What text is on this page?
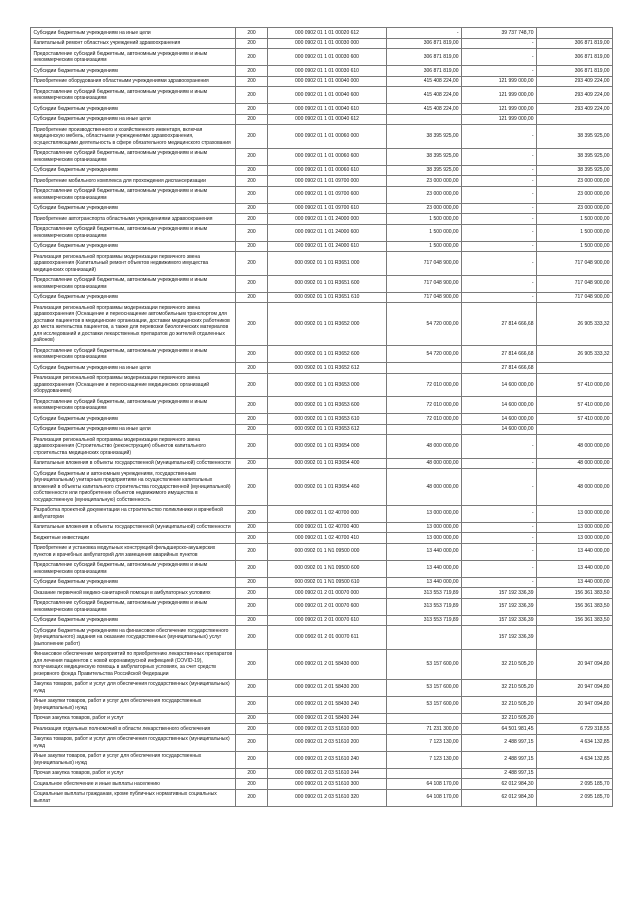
Субсидии бюджетным учреждениям на иные цели	200	000 0902 01 1 01 00020 612	-	39 737 748,70	
Капитальный ремонт областных учреждений здравоохранения	200	000 0902 01 1 01 00030 000	306 871 819,00	-	306 871 819,00
Предоставление субсидий бюджетным, автономным учреждениям и иным некоммерческим организациям	200	000 0902 01 1 01 00030 600	306 871 819,00	-	306 871 819,00
Субсидии бюджетным учреждениям	200	000 0902 01 1 01 00030 610	306 871 819,00	-	306 871 819,00
Приобретение оборудования областными учреждениями здравоохранения	200	000 0902 01 1 01 00040 000	415 408 224,00	121 999 000,00	293 409 224,00
Предоставление субсидий бюджетным, автономным учреждениям и иным некоммерческим организациям	200	000 0902 01 1 01 00040 600	415 408 224,00	121 999 000,00	293 409 224,00
Субсидии бюджетным учреждениям	200	000 0902 01 1 01 00040 610	415 408 224,00	121 999 000,00	293 409 224,00
Субсидии бюджетным учреждениям на иные цели	200	000 0902 01 1 01 00040 612		121 999 000,00	
Приобретение производственного и хозяйственного инвентаря, включая медицинскую мебель, областными учреждениями здравоохранения, осуществляющими деятельность в сфере обязательного медицинского страхования	200	000 0902 01 1 01 00060 000	38 395 925,00	-	38 395 925,00
Предоставление субсидий бюджетным, автономным учреждениям и иным некоммерческим организациям	200	000 0902 01 1 01 00060 600	38 395 925,00	-	38 395 925,00
Субсидии бюджетным учреждениям	200	000 0902 01 1 01 00060 610	38 395 925,00	-	38 395 925,00
Приобретение мобильного комплекса для прохождения диспансеризации	200	000 0902 01 1 01 09700 000	23 000 000,00	-	23 000 000,00
Предоставление субсидий бюджетным, автономным учреждениям и иным некоммерческим организациям	200	000 0902 01 1 01 09700 600	23 000 000,00	-	23 000 000,00
Субсидии бюджетным учреждениям	200	000 0902 01 1 01 09700 610	23 000 000,00	-	23 000 000,00
Приобретение автотранспорта областными учреждениями здравоохранения	200	000 0902 01 1 01 24000 000	1 500 000,00	-	1 500 000,00
Предоставление субсидий бюджетным, автономным учреждениям и иным некоммерческим организациям	200	000 0902 01 1 01 24000 600	1 500 000,00	-	1 500 000,00
Субсидии бюджетным учреждениям	200	000 0902 01 1 01 24000 610	1 500 000,00	-	1 500 000,00
Реализация региональной программы модернизации первичного звена здравоохранения (Капитальный ремонт объектов недвижимого имущества медицинских организаций)	200	000 0902 01 1 01 R3651 000	717 048 900,00	-	717 048 900,00
Предоставление субсидий бюджетным, автономным учреждениям и иным некоммерческим организациям	200	000 0902 01 1 01 R3651 600	717 048 900,00	-	717 048 900,00
Субсидии бюджетным учреждениям	200	000 0902 01 1 01 R3651 610	717 048 900,00	-	717 048 900,00
Реализация региональной программы модернизации первичного звена здравоохранения (Оснащение и переоснащение автомобильным транспортом для доставки пациентов в медицинские организации, доставки медицинских работников до места жительства пациентов, а также для перевозки биологических материалов для исследований и доставки лекарственных препаратов до жителей отдаленных районов)	200	000 0902 01 1 01 R3652 000	54 720 000,00	27 814 666,68	26 905 333,32
Предоставление субсидий бюджетным, автономным учреждениям и иным некоммерческим организациям	200	000 0902 01 1 01 R3652 600	54 720 000,00	27 814 666,68	26 905 333,32
Субсидии бюджетным учреждениям на иные цели	200	000 0902 01 1 01 R3652 612		27 814 666,68	
Реализация региональной программы модернизации первичного звена здравоохранения (Оснащение и переоснащение медицинских организаций оборудованием)	200	000 0902 01 1 01 R3653 000	72 010 000,00	14 600 000,00	57 410 000,00
Предоставление субсидий бюджетным, автономным учреждениям и иным некоммерческим организациям	200	000 0902 01 1 01 R3653 600	72 010 000,00	14 600 000,00	57 410 000,00
Субсидии бюджетным учреждениям	200	000 0902 01 1 01 R3653 610	72 010 000,00	14 600 000,00	57 410 000,00
Субсидии бюджетным учреждениям на иные цели	200	000 0902 01 1 01 R3653 612		14 600 000,00	
Реализация региональной программы модернизации первичного звена здравоохранения (Строительство (реконструкция) объектов капитального строительства медицинских организаций)	200	000 0902 01 1 01 R3654 000	48 000 000,00	-	48 000 000,00
Капитальные вложения в объекты государственной (муниципальной) собственности	200	000 0902 01 1 01 R3654 400	48 000 000,00	-	48 000 000,00
Субсидии бюджетным и автономным учреждениям, государственным (муниципальным) унитарным предприятиям на осуществление капитальных вложений в объекты капитального строительства государственной (муниципальной) собственности или приобретение объектов недвижимого имущества в государственную (муниципальную) собственность	200	000 0902 01 1 01 R3654 460	48 000 000,00	-	48 000 000,00
Разработка проектной документации на строительство поликлиники и врачебной амбулатории	200	000 0902 01 1 02 40700 000	13 000 000,00	-	13 000 000,00
Капитальные вложения в объекты государственной (муниципальной) собственности	200	000 0902 01 1 02 40700 400	13 000 000,00	-	13 000 000,00
Бюджетные инвестиции	200	000 0902 01 1 02 40700 410	13 000 000,00	-	13 000 000,00
Приобретение и установка модульных конструкций фельдшерско-акушерских пунктов и врачебных амбулаторий для замещения аварийных пунктов	200	000 0902 01 1 N1 09500 000	13 440 000,00	-	13 440 000,00
Предоставление субсидий бюджетным, автономным учреждениям и иным некоммерческим организациям	200	000 0902 01 1 N1 09500 600	13 440 000,00	-	13 440 000,00
Субсидии бюджетным учреждениям	200	000 0902 01 1 N1 09500 610	13 440 000,00	-	13 440 000,00
Оказание первичной медико-санитарной помощи в амбулаторных условиях	200	000 0902 01 2 01 00070 000	313 553 719,89	157 192 336,39	156 361 383,50
Предоставление субсидий бюджетным, автономным учреждениям и иным некоммерческим организациям	200	000 0902 01 2 01 00070 600	313 553 719,89	157 192 336,39	156 361 383,50
Субсидии бюджетным учреждениям	200	000 0902 01 2 01 00070 610	313 553 719,89	157 192 336,39	156 361 383,50
Субсидии бюджетным учреждениям на финансовое обеспечение государственного (муниципального) задания на оказание государственных (муниципальных) услуг (выполнение работ)	200	000 0902 01 2 01 00070 611		157 192 336,39	
Финансовое обеспечение мероприятий по приобретению лекарственных препаратов для лечения пациентов с новой коронавирусной инфекцией (COVID-19), получающих медицинскую помощь в амбулаторных условиях, за счет средств резервного фонда Правительства Российской Федерации	200	000 0902 01 2 01 58430 000	53 157 600,00	32 210 505,20	20 947 094,80
Закупка товаров, работ и услуг для обеспечения государственных (муниципальных) нужд	200	000 0902 01 2 01 58430 200	53 157 600,00	32 210 505,20	20 947 094,80
Иные закупки товаров, работ и услуг для обеспечения государственных (муниципальных) нужд	200	000 0902 01 2 01 58430 240	53 157 600,00	32 210 505,20	20 947 094,80
Прочая закупка товаров, работ и услуг	200	000 0902 01 2 01 58430 244		32 210 505,20	
Реализация отдельных полномочий в области лекарственного обеспечения	200	000 0902 01 2 03 51610 000	71 231 300,00	64 501 981,45	6 729 318,55
Закупка товаров, работ и услуг для обеспечения государственных (муниципальных) нужд	200	000 0902 01 2 03 51610 200	7 123 130,00	2 488 997,15	4 634 132,85
Иные закупки товаров, работ и услуг для обеспечения государственных (муниципальных) нужд	200	000 0902 01 2 03 51610 240	7 123 130,00	2 488 997,15	4 634 132,85
Прочая закупка товаров, работ и услуг	200	000 0902 01 2 03 51610 244		2 488 997,15	
Социальное обеспечение и иные выплаты населению	200	000 0902 01 2 03 51610 300	64 108 170,00	62 012 984,30	2 095 185,70
Социальные выплаты гражданам, кроме публичных нормативных социальных выплат	200	000 0902 01 2 03 51610 320	64 108 170,00	62 012 984,30	2 095 185,70
